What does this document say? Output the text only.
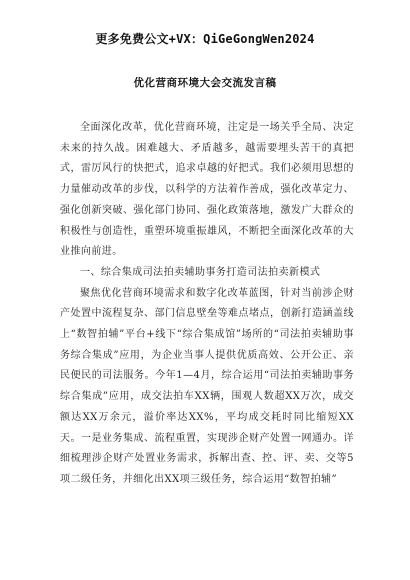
更多免费公文+VX：QiGeGongWen2024
优化营商环境大会交流发言稿

全面深化改革，优化营商环境，注定是一场关乎全局、决定未来的持久战。困难越大、矛盾越多，越需要埋头苦干的真把式，雷厉风行的快把式，追求卓越的好把式。我们必须用思想的力量催动改革的步伐，以科学的方法着作善成，强化改革定力、强化创新突破、强化部门协同、强化政策落地，激发广大群众的积极性与创造性，重塑环境重振雄风，不断把全面深化改革的大业推向前进。

一、综合集成司法拍卖辅助事务打造司法拍卖新模式

聚焦优化营商环境需求和数字化改革蓝图，针对当前涉企财产处置中流程复杂、部门信息壁垒等难点堵点，创新打造涵盖线上“数智拍辅”平台+线下“综合集成馆”场所的“司法拍卖辅助事务综合集成”应用，为企业当事人提供优质高效、公开公正、亲民便民的司法服务。今年1—4月，综合运用“司法拍卖辅助事务综合集成”应用，成交法拍车XX辆，围观人数超XX万次，成交额达XX万余元，溢价率达XX%，平均成交耗时同比缩短XX天。一是业务集成、流程重置，实现涉企财产处置一网通办。详细梳理涉企财产处置业务需求，拆解出查、控、评、卖、交等5项二级任务，并细化出XX项三级任务，综合运用“数智拍辅”
